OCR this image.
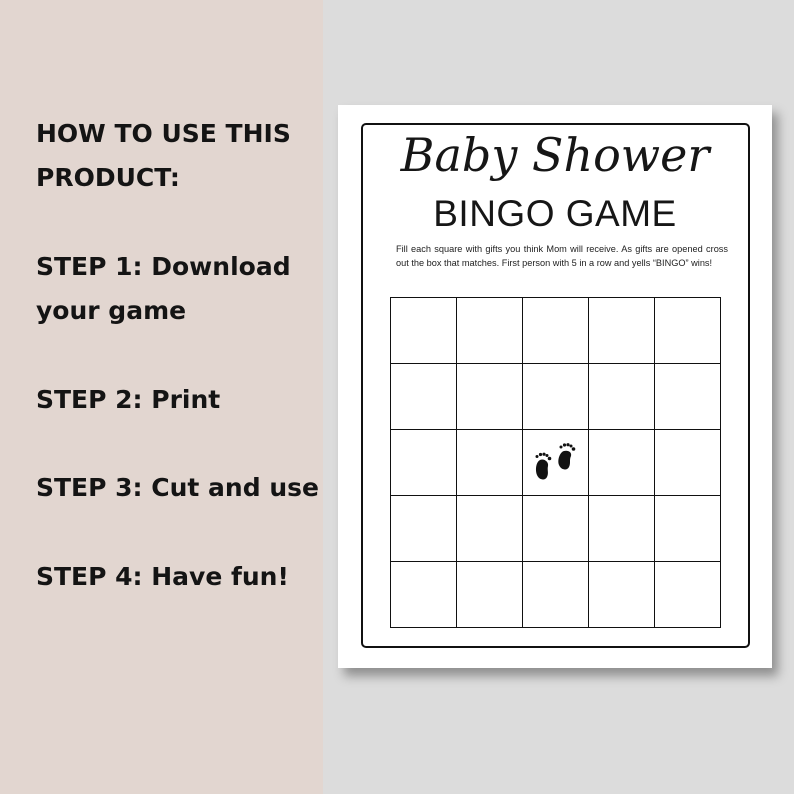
HOW TO USE THIS

PRODUCT:

STEP 1: Download

your game

STEP 2: Print

STEP 3: Cut and use

STEP 4: Have fun!

Baby Shower
BINGO GAME

Fill each square with gifts you think Mom will receive. As gifts are opened cross out the box that matches. First person with 5 in a row and yells “BINGO” wins!
